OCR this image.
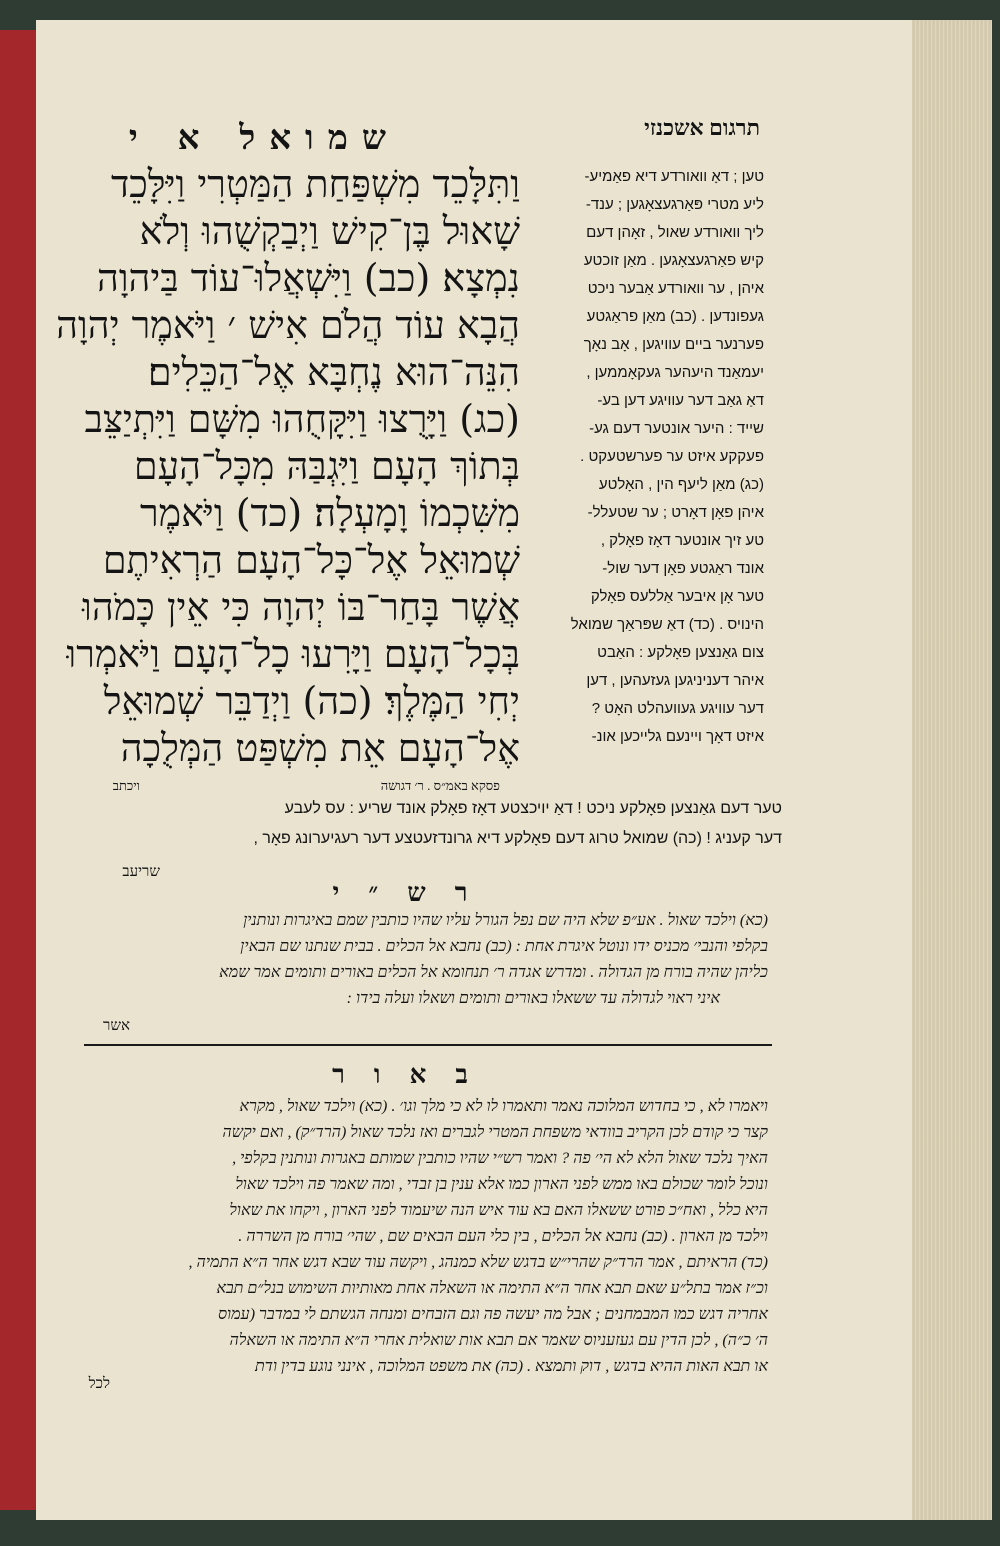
תרגום אשכנזי
שמואל א י
וַתִּלָּכֵד מִשְׁפַּחַת הַמַּטְרִי וַיִּלָּכֵד
שָׁאוּל בֶּן־קִישׁ וַיְבַקְשֻׁהוּ וְלֹא
נִמְצָא׃ (כב) וַיִּשְׁאֲלוּ־עוֹד בַּיהוָה
הֲבָא עוֹד הֲלֹם אִישׁ ׳ וַיֹּאמֶר יְהוָה
הִנֵּה־הוּא נֶחְבָּא אֶל־הַכֵּלִים׃
(כג) וַיָּרֻצוּ וַיִּקָּחֻהוּ מִשָּׁם וַיִּתְיַצֵּב
בְּתוֹךְ הָעָם וַיִּגְבַּהּ מִכָּל־הָעָם
מִשִּׁכְמוֹ וָמָעְלָה׃ (כד) וַיֹּאמֶר
שְׁמוּאֵל אֶל־כָּל־הָעָם הַרְאִיתֶם
אֲשֶׁר בָּחַר־בּוֹ יְהוָה כִּי אֵין כָּמֹהוּ
בְּכָל־הָעָם וַיָּרִעוּ כָל־הָעָם וַיֹּאמְרוּ
יְחִי הַמֶּלֶךְ׃ (כה) וַיְדַבֵּר שְׁמוּאֵל
אֶל־הָעָם אֵת מִשְׁפַּט הַמְּלֻכָה
פסקא באמ״ס . ר׳ דגושה
ויכתב
טען ; דאָ וואורדע דיא פאַמיע-
ליע מטרי פּאַרגעצאָגען ; ענד-
ליך וואורדע שאול , זאָהן דעם
קיש פאַרגעצאָגען . מאַן זוכטע
איהן , ער וואורדע אַבער ניכט
געפונדען . (כב) מאַן פראַגטע
פערנער ביים עוויגען , אָב נאָך
יעמאַנד היעהער געקאָממען ,
דאַ גאַב דער עוויגע דען בע-
שייד : היער אונטער דעם גע-
פעקקע איזט ער פערשטעקט .
(כג) מאַן ליעף הין , האָלטע
איהן פאָן דאָרט ; ער שטעלל-
טע זיך אונטער דאָז פאָלק ,
אונד ראַגטע פאָן דער שול-
טער אָן איבער אַללעס פאָלק
הינויס . (כד) דאַ שפּראַך שמואל
צום גאַנצען פאָלקע : האַבט
איהר דעניניגען געזעהען , דען
דער עוויגע געוועהלט האָט ?
איזט דאָך ויינעם גלייכען אונ-
טער דעם גאַנצען פאָלקע ניכט ! דאַ יויכצטע דאָז פאָלק אונד שריע : עס לעבע
דער קעניג ! (כה) שמואל טרוג דעם פאָלקע דיא גרונדזעטצע דער רעגיערונג פאָר ,
שריעב
ר ש ״ י
(כא) וילכד שאול . אע״פ שלא היה שם נפל הגורל עליו שהיו כותבין שמם באיגרות ונותנין
בקלפי והנבי׳ מכניס ידו ונוטל איגרת אחת : (כב) נחבא אל הכלים . בבית שנתנו שם הבאין
כליהן שהיה בורח מן הגדולה . ומדרש אגדה ר׳ תנחומא אל הכלים באורים ותומים אמר שמא
איני ראוי לגדולה עד ששאלו באורים ותומים ושאלו ועלה בידו :
אשר
ב א ו ר
ויאמרו לא , כי בחדוש המלוכה נאמר ותאמרו לו לא כי מלך וגו׳ . (כא) וילכד שאול , מקרא
קצר כי קודם לכן הקריב בוודאי משפחת המטרי לגברים ואז נלכד שאול (הרד״ק) , ואם יקשה
האיך נלכד שאול הלא לא הי׳ פה ? ואמר רש״י שהיו כותבין שמותם באגרות ונותנין בקלפי ,
ונוכל לומר שכולם באו ממש לפני הארון כמו אלא ענין בן זבדי , ומה שאמר פה וילכד שאול
היא כלל , ואח״כ פורט ששאלו האם בא עוד איש הנה שיעמוד לפני הארון , ויקחו את שאול
וילכד מן הארון . (כב) נחבא אל הכלים , בין כלי העם הבאים שם , שהי׳ בורח מן השררה .
(כד) הראיתם , אמר הרד״ק שהרי״ש בדגש שלא כמנהג , ויקשה עוד שבא דגש אחר ה״א התמיה ,
וכ״ז אמר בתל״ע שאם תבא אחר ה״א התימה או השאלה אחת מאותיות השימוש בנל״ם תבא
אחריה דגש כמו המבמחנים ; אבל מה יעשה פה וגם הזבחים ומנחה הגשתם לי במדבר (עמוס
ה׳ כ״ה) , לכן הדין עם געזעניוס שאמר אם תבא אות שואלית אחרי ה״א התימה או השאלה
או תבא האות ההיא בדגש , דוק ותמצא . (כה) את משפט המלוכה , אינני נוגע בדין ודת
לכל
